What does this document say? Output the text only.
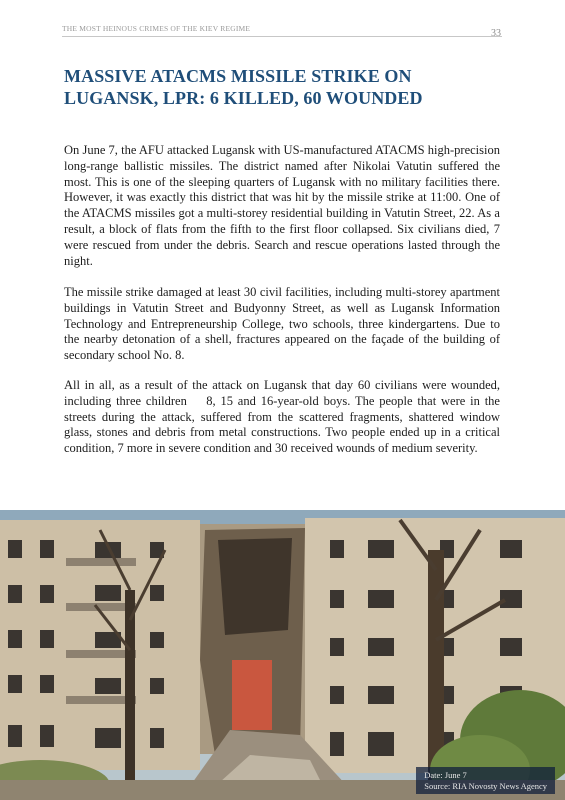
THE MOST HEINOUS CRIMES OF THE KIEV REGIME	33
MASSIVE ATACMS MISSILE STRIKE ON LUGANSK, LPR: 6 KILLED, 60 WOUNDED

On June 7, the AFU attacked Lugansk with US-manufactured ATACMS high-precision long-range ballistic missiles. The district named after Nikolai Vatutin suffered the most. This is one of the sleeping quarters of Lugansk with no military facilities there. However, it was exactly this district that was hit by the missile strike at 11:00. One of the ATACMS missiles got a multi-storey residential building in Vatutin Street, 22. As a result, a block of flats from the fifth to the first floor collapsed. Six civilians died, 7 were rescued from under the debris. Search and rescue operations lasted through the night.

The missile strike damaged at least 30 civil facilities, including multi-storey apartment buildings in Vatutin Street and Budyonny Street, as well as Lugansk Information Technology and Entrepreneurship College, two schools, three kindergartens. Due to the nearby detonation of a shell, fractures appeared on the façade of the building of secondary school No. 8.

All in all, as a result of the attack on Lugansk that day 60 civilians were wounded, including three children    8, 15 and 16-year-old boys. The people that were in the streets during the attack, suffered from the scattered fragments, shattered window glass, stones and debris from metal constructions. Two people ended up in a critical condition, 7 more in severe condition and 30 received wounds of medium severity.

Date: June 7
Source: RIA Novosty News Agency
